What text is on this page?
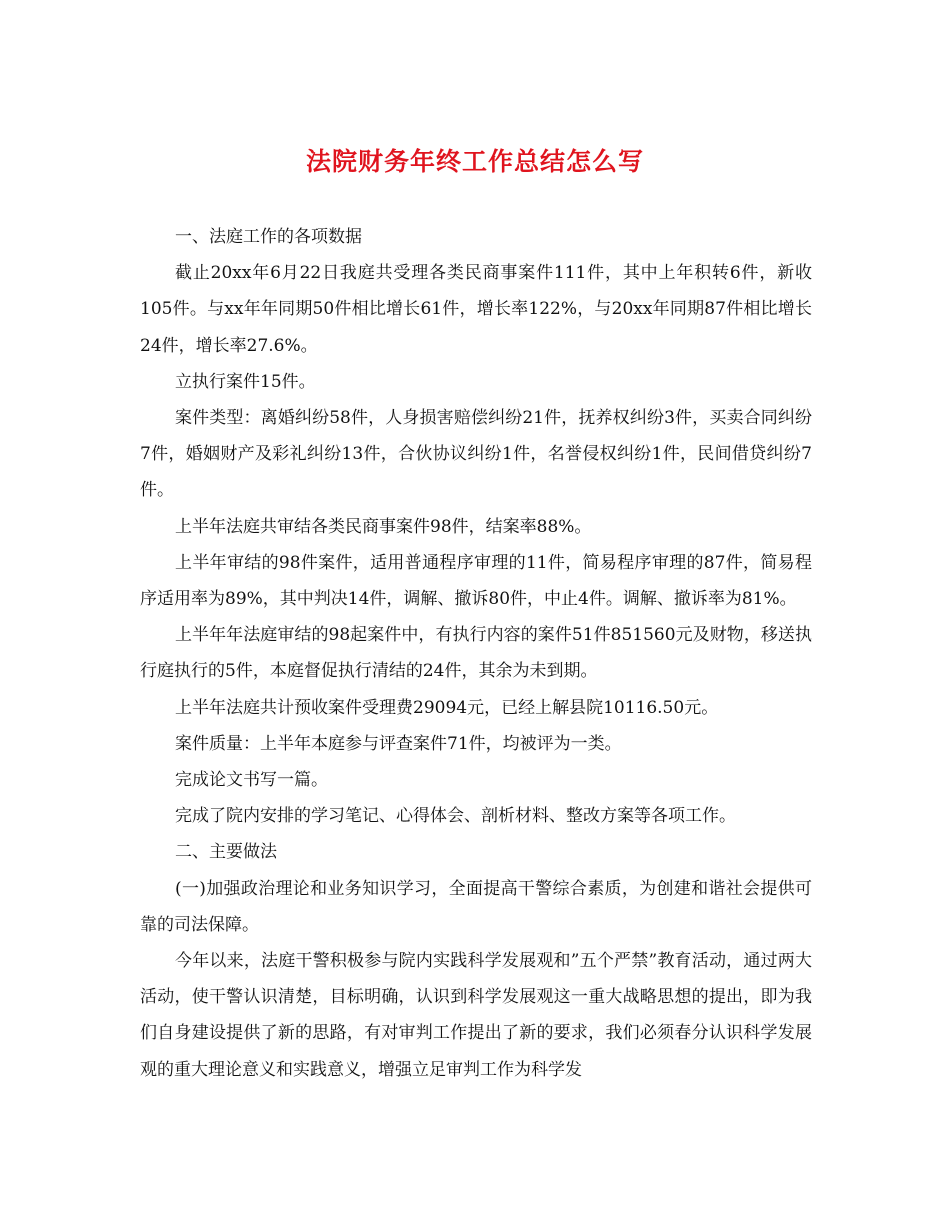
法院财务年终工作总结怎么写

一、法庭工作的各项数据

截止20xx年6月22日我庭共受理各类民商事案件111件，其中上年积转6件，新收105件。与xx年年同期50件相比增长61件，增长率122%，与20xx年同期87件相比增长24件，增长率27.6%。

立执行案件15件。

案件类型：离婚纠纷58件，人身损害赔偿纠纷21件，抚养权纠纷3件，买卖合同纠纷7件，婚姻财产及彩礼纠纷13件，合伙协议纠纷1件，名誉侵权纠纷1件，民间借贷纠纷7件。

上半年法庭共审结各类民商事案件98件，结案率88%。

上半年审结的98件案件，适用普通程序审理的11件，简易程序审理的87件，简易程序适用率为89%，其中判决14件，调解、撤诉80件，中止4件。调解、撤诉率为81%。

上半年年法庭审结的98起案件中，有执行内容的案件51件851560元及财物，移送执行庭执行的5件，本庭督促执行清结的24件，其余为未到期。

上半年法庭共计预收案件受理费29094元，已经上解县院10116.50元。

案件质量：上半年本庭参与评查案件71件，均被评为一类。

完成论文书写一篇。

完成了院内安排的学习笔记、心得体会、剖析材料、整改方案等各项工作。

二、主要做法

(一)加强政治理论和业务知识学习，全面提高干警综合素质，为创建和谐社会提供可靠的司法保障。

今年以来，法庭干警积极参与院内实践科学发展观和”五个严禁”教育活动，通过两大活动，使干警认识清楚，目标明确，认识到科学发展观这一重大战略思想的提出，即为我们自身建设提供了新的思路，有对审判工作提出了新的要求，我们必须春分认识科学发展观的重大理论意义和实践意义，增强立足审判工作为科学发
